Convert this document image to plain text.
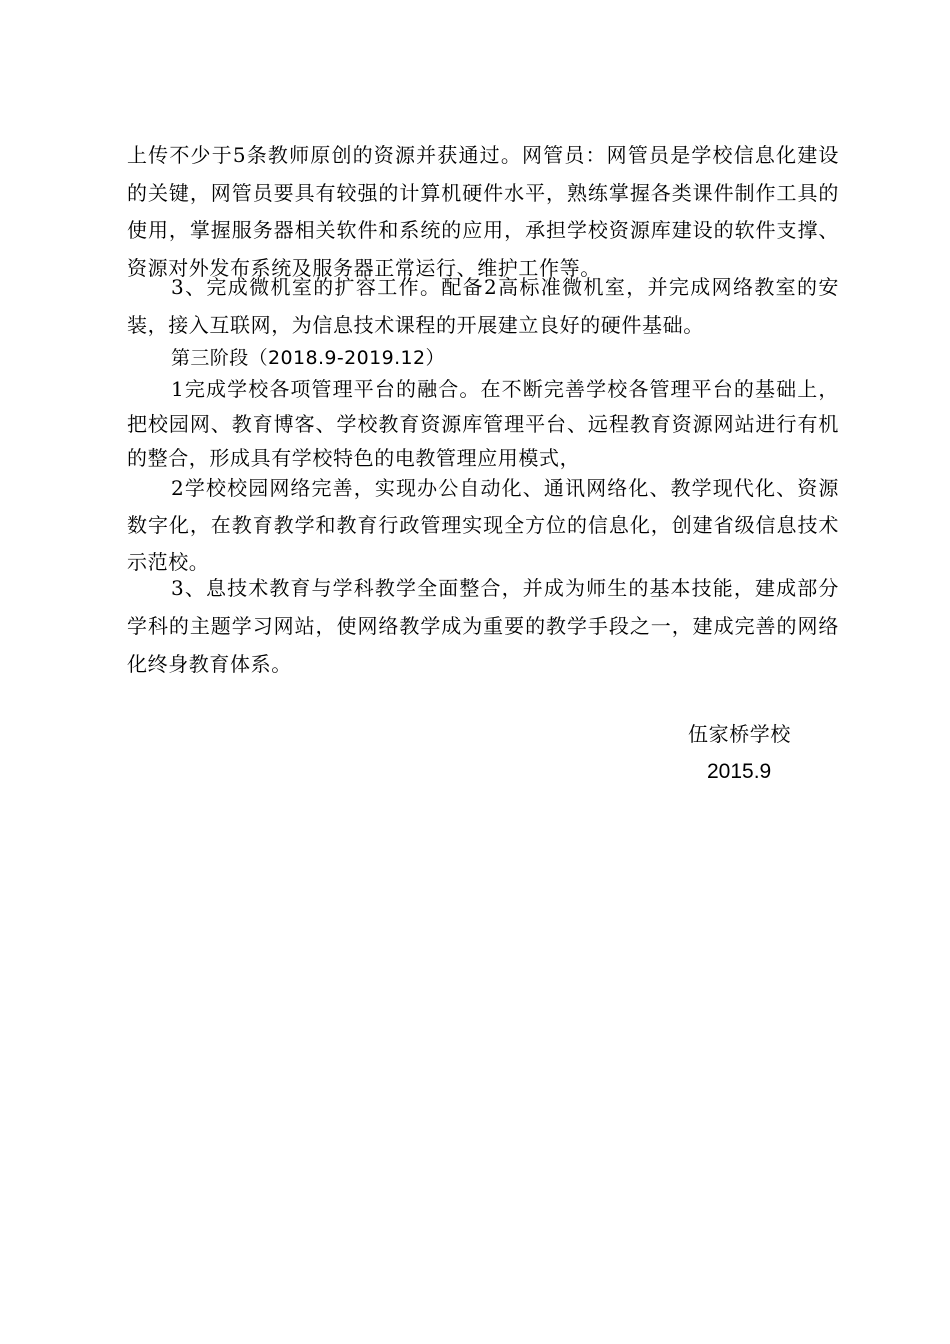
上传不少于5条教师原创的资源并获通过。网管员：网管员是学校信息化建设的关键，网管员要具有较强的计算机硬件水平，熟练掌握各类课件制作工具的使用，掌握服务器相关软件和系统的应用，承担学校资源库建设的软件支撑、资源对外发布系统及服务器正常运行、维护工作等。

3、完成微机室的扩容工作。配备2高标准微机室，并完成网络教室的安装，接入互联网，为信息技术课程的开展建立良好的硬件基础。

第三阶段（2018.9-2019.12）

1完成学校各项管理平台的融合。在不断完善学校各管理平台的基础上，把校园网、教育博客、学校教育资源库管理平台、远程教育资源网站进行有机的整合，形成具有学校特色的电教管理应用模式，

2学校校园网络完善，实现办公自动化、通讯网络化、教学现代化、资源数字化，在教育教学和教育行政管理实现全方位的信息化，创建省级信息技术示范校。

3、息技术教育与学科教学全面整合，并成为师生的基本技能，建成部分学科的主题学习网站，使网络教学成为重要的教学手段之一，建成完善的网络化终身教育体系。

伍家桥学校
2015.9
